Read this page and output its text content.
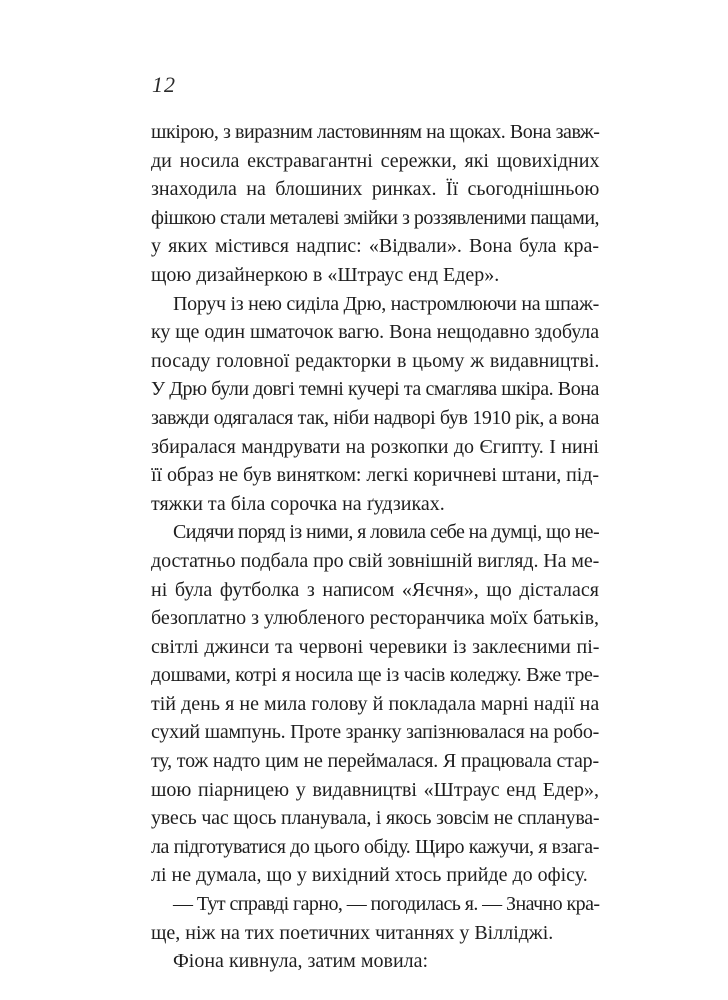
12
шкірою, з виразним ластовинням на щоках. Вона завж-
ди носила екстравагантні сережки, які щовихідних
знаходила на блошиних ринках. Її сьогоднішньою
фішкою стали металеві змійки з роззявленими пащами,
у яких містився надпис: «Відвали». Вона була кра-
щою дизайнеркою в «Штраус енд Едер».
Поруч із нею сиділа Дрю, настромлюючи на шпаж-
ку ще один шматочок вагю. Вона нещодавно здобула
посаду головної редакторки в цьому ж видавництві.
У Дрю були довгі темні кучері та смаглява шкіра. Вона
завжди одягалася так, ніби надворі був 1910 рік, а вона
збиралася мандрувати на розкопки до Єгипту. І нині
її образ не був винятком: легкі коричневі штани, під-
тяжки та біла сорочка на ґудзиках.
Сидячи поряд із ними, я ловила себе на думці, що не-
достатньо подбала про свій зовнішній вигляд. На ме-
ні була футболка з написом «Яєчня», що дісталася
безоплатно з улюбленого ресторанчика моїх батьків,
світлі джинси та червоні черевики із заклеєними пі-
дошвами, котрі я носила ще із часів коледжу. Вже тре-
тій день я не мила голову й покладала марні надії на
сухий шампунь. Проте зранку запізнювалася на робо-
ту, тож надто цим не переймалася. Я працювала стар-
шою піарницею у видавництві «Штраус енд Едер»,
увесь час щось планувала, і якось зовсім не спланува-
ла підготуватися до цього обіду. Щиро кажучи, я взага-
лі не думала, що у вихідний хтось прийде до офісу.
— Тут справді гарно, — погодилась я. — Значно кра-
ще, ніж на тих поетичних читаннях у Вілліджі.
Фіона кивнула, затим мовила:
